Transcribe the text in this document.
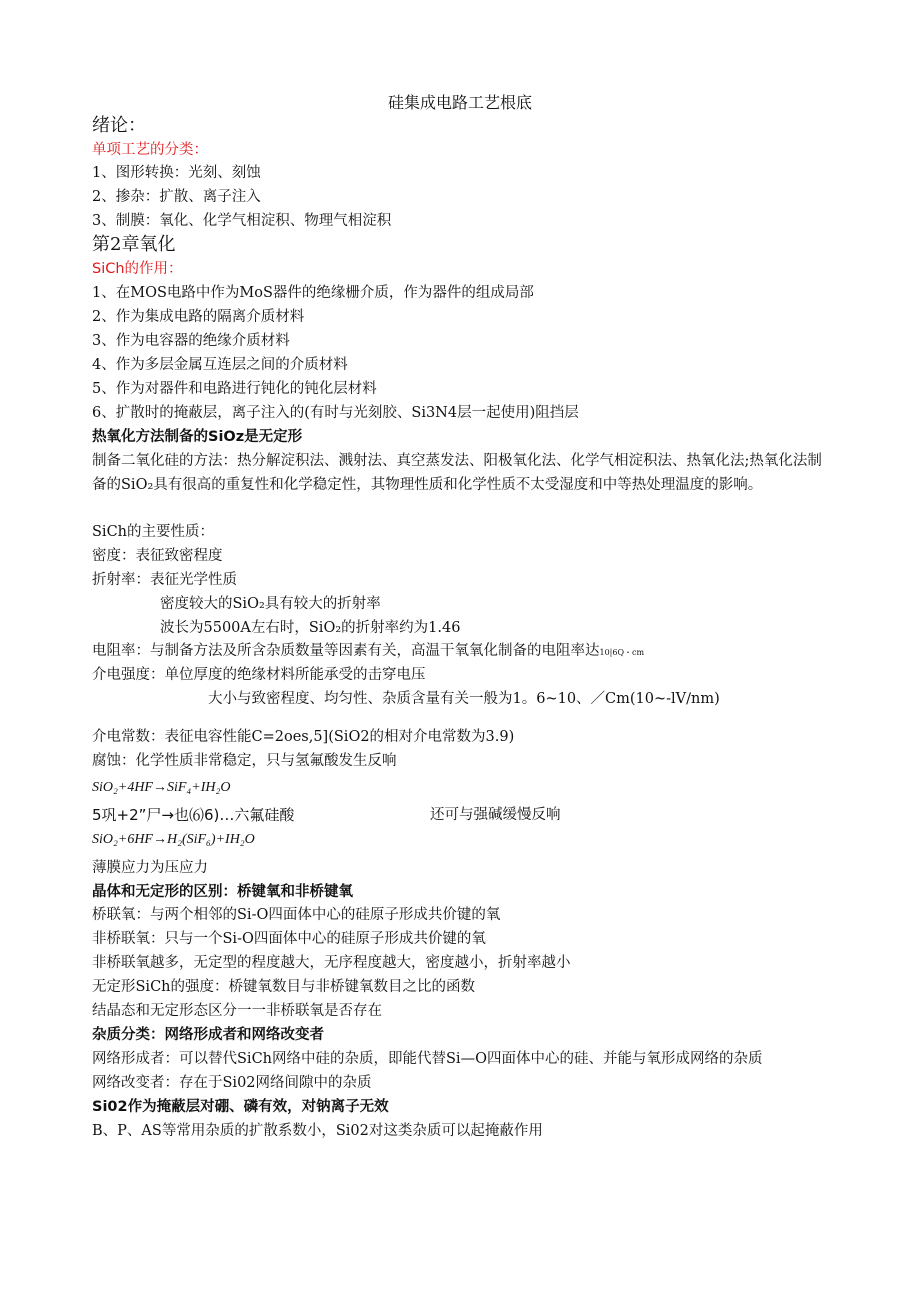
硅集成电路工艺根底
绪论：
单项工艺的分类：
1、图形转换：光刻、刻蚀
2、掺杂：扩散、离子注入
3、制膜：氧化、化学气相淀积、物理气相淀积
第2章氧化
SiCh的作用：
1、在MOS电路中作为MoS器件的绝缘栅介质，作为器件的组成局部
2、作为集成电路的隔离介质材料
3、作为电容器的绝缘介质材料
4、作为多层金属互连层之间的介质材料
5、作为对器件和电路进行钝化的钝化层材料
6、扩散时的掩蔽层，离子注入的(有时与光刻胶、Si3N4层一起使用)阻挡层
热氧化方法制备的SiOz是无定形
制备二氧化硅的方法：热分解淀积法、溅射法、真空蒸发法、阳极氧化法、化学气相淀积法、热氧化法;热氧化法制备的SiO₂具有很高的重复性和化学稳定性，其物理性质和化学性质不太受湿度和中等热处理温度的影响。
SiCh的主要性质：
密度：表征致密程度
折射率：表征光学性质
密度较大的SiO₂具有较大的折射率
波长为5500A左右时，SiO₂的折射率约为1.46
电阻率：与制备方法及所含杂质数量等因素有关，高温干氧氧化制备的电阻率达10|6Q・cm
介电强度：单位厚度的绝缘材料所能承受的击穿电压
大小与致密程度、均匀性、杂质含量有关一般为1。6~10、／Cm(10~-lV∕nm)
介电常数：表征电容性能C=2oes,5](SiO2的相对介电常数为3.9)
腐蚀：化学性质非常稳定，只与氢氟酸发生反响
SiO₂+4HF→SiF₄+IH₂O
5巩+2”尸→也⑹6)…六氟硅酸	还可与强碱缓慢反响
SiO₂+6HF→H₂(SiF₆)+IH₂O
薄膜应力为压应力
晶体和无定形的区别：桥键氧和非桥键氧
桥联氧：与两个相邻的Si-O四面体中心的硅原子形成共价键的氧
非桥联氧：只与一个Si-O四面体中心的硅原子形成共价键的氧
非桥联氧越多，无定型的程度越大，无序程度越大，密度越小，折射率越小
无定形SiCh的强度：桥键氧数目与非桥键氧数目之比的函数
结晶态和无定形态区分一一非桥联氧是否存在
杂质分类：网络形成者和网络改变者
网络形成者：可以替代SiCh网络中硅的杂质，即能代替Si—O四面体中心的硅、并能与氧形成网络的杂质
网络改变者：存在于Si02网络间隙中的杂质
Si02作为掩蔽层对硼、磷有效，对钠离子无效
B、P、AS等常用杂质的扩散系数小，Si02对这类杂质可以起掩蔽作用
